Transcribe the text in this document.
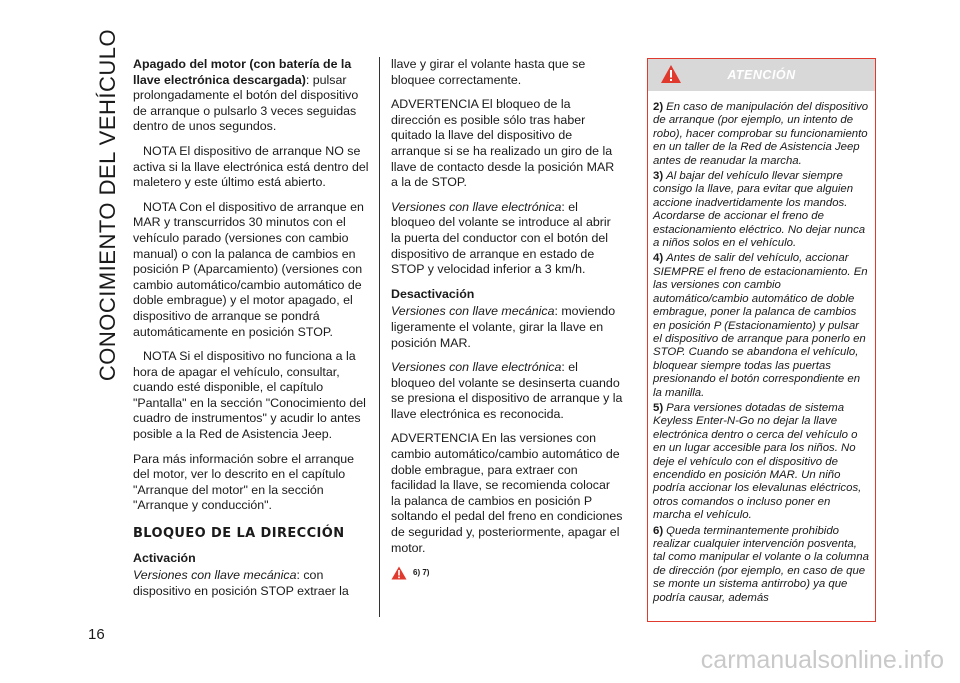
CONOCIMIENTO DEL VEHÍCULO Apagado del motor (con batería de la llave electrónica descargada): pulsar prolongadamente el botón del dispositivo de arranque o pulsarlo 3 veces seguidas dentro de unos segundos.

NOTA El dispositivo de arranque NO se activa si la llave electrónica está dentro del maletero y este último está abierto.

NOTA Con el dispositivo de arranque en MAR y transcurridos 30 minutos con el vehículo parado (versiones con cambio manual) o con la palanca de cambios en posición P (Aparcamiento) (versiones con cambio automático/cambio automático de doble embrague) y el motor apagado, el dispositivo de arranque se pondrá automáticamente en posición STOP.

NOTA Si el dispositivo no funciona a la hora de apagar el vehículo, consultar, cuando esté disponible, el capítulo "Pantalla" en la sección "Conocimiento del cuadro de instrumentos" y acudir lo antes posible a la Red de Asistencia Jeep.

Para más información sobre el arranque del motor, ver lo descrito en el capítulo "Arranque del motor" en la sección "Arranque y conducción".

BLOQUEO DE LA DIRECCIÓN
Activación

Versiones con llave mecánica: con dispositivo en posición STOP extraer la

llave y girar el volante hasta que se bloquee correctamente.

ADVERTENCIA El bloqueo de la dirección es posible sólo tras haber quitado la llave del dispositivo de arranque si se ha realizado un giro de la llave de contacto desde la posición MAR a la de STOP.

Versiones con llave electrónica: el bloqueo del volante se introduce al abrir la puerta del conductor con el botón del dispositivo de arranque en estado de STOP y velocidad inferior a 3 km/h.

Desactivación

Versiones con llave mecánica: moviendo ligeramente el volante, girar la llave en posición MAR.

Versiones con llave electrónica: el bloqueo del volante se desinserta cuando se presiona el dispositivo de arranque y la llave electrónica es reconocida.

ADVERTENCIA En las versiones con cambio automático/cambio automático de doble embrague, para extraer con facilidad la llave, se recomienda colocar la palanca de cambios en posición P soltando el pedal del freno en condiciones de seguridad y, posteriormente, apagar el motor.

6) 7)
ATENCIÓN
2) En caso de manipulación del dispositivo de arranque (por ejemplo, un intento de robo), hacer comprobar su funcionamiento en un taller de la Red de Asistencia Jeep antes de reanudar la marcha.
3) Al bajar del vehículo llevar siempre consigo la llave, para evitar que alguien accione inadvertidamente los mandos. Acordarse de accionar el freno de estacionamiento eléctrico. No dejar nunca a niños solos en el vehículo.
4) Antes de salir del vehículo, accionar SIEMPRE el freno de estacionamiento. En las versiones con cambio automático/cambio automático de doble embrague, poner la palanca de cambios en posición P (Estacionamiento) y pulsar el dispositivo de arranque para ponerlo en STOP. Cuando se abandona el vehículo, bloquear siempre todas las puertas presionando el botón correspondiente en la manilla.
5) Para versiones dotadas de sistema Keyless Enter-N-Go no dejar la llave electrónica dentro o cerca del vehículo o en un lugar accesible para los niños. No deje el vehículo con el dispositivo de encendido en posición MAR. Un niño podría accionar los elevalunas eléctricos, otros comandos o incluso poner en marcha el vehículo.
6) Queda terminantemente prohibido realizar cualquier intervención posventa, tal como manipular el volante o la columna de dirección (por ejemplo, en caso de que se monte un sistema antirrobo) ya que podría causar, además
16
carmanualsonline.info
